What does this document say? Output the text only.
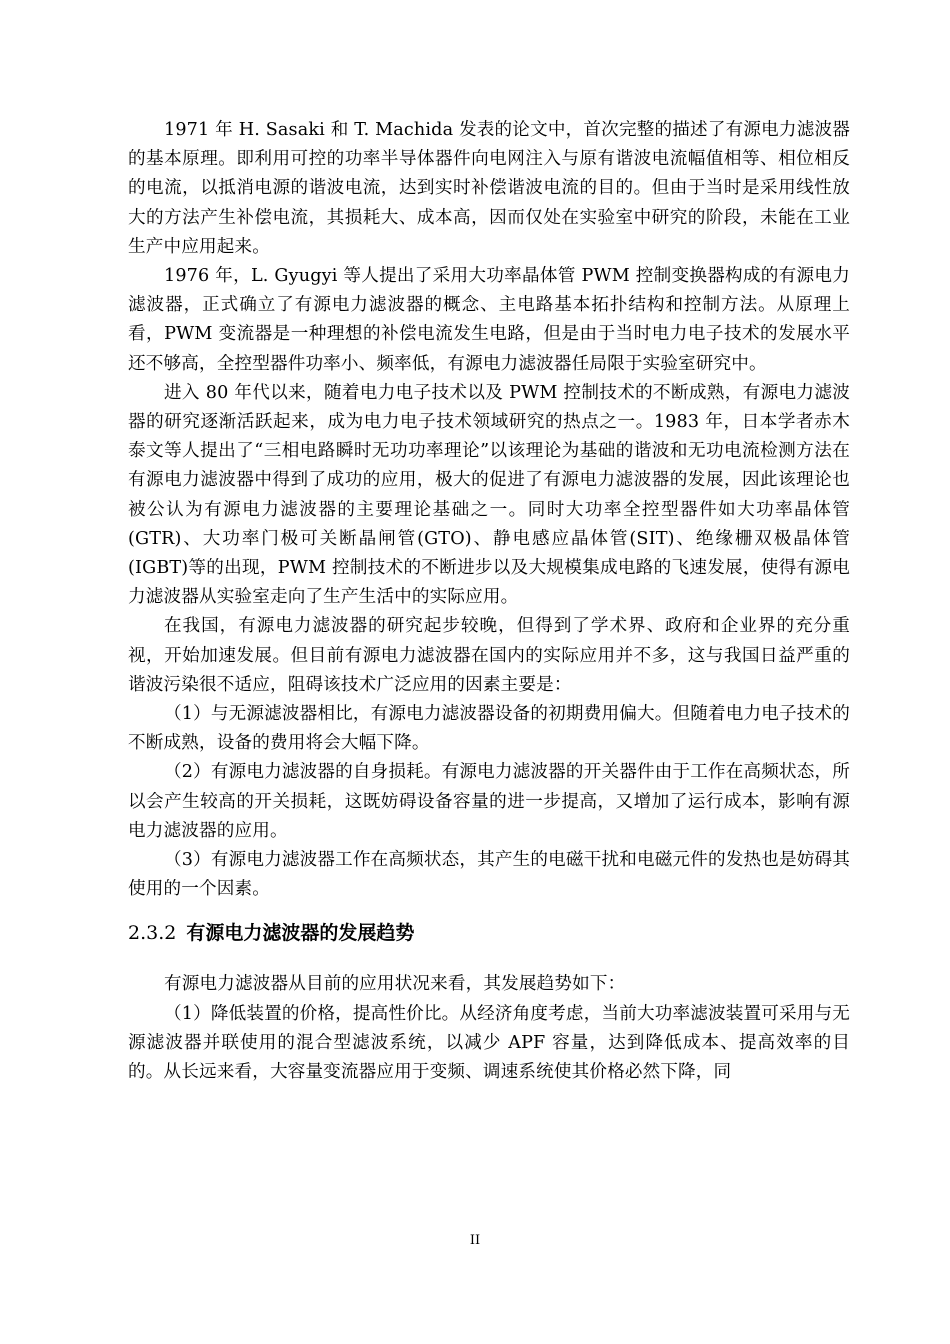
1971 年 H. Sasaki 和 T. Machida 发表的论文中，首次完整的描述了有源电力滤波器的基本原理。即利用可控的功率半导体器件向电网注入与原有谐波电流幅值相等、相位相反的电流，以抵消电源的谐波电流，达到实时补偿谐波电流的目的。但由于当时是采用线性放大的方法产生补偿电流，其损耗大、成本高，因而仅处在实验室中研究的阶段，未能在工业生产中应用起来。

1976 年，L. Gyugyi 等人提出了采用大功率晶体管 PWM 控制变换器构成的有源电力滤波器，正式确立了有源电力滤波器的概念、主电路基本拓扑结构和控制方法。从原理上看，PWM 变流器是一种理想的补偿电流发生电路，但是由于当时电力电子技术的发展水平还不够高，全控型器件功率小、频率低，有源电力滤波器任局限于实验室研究中。

进入 80 年代以来，随着电力电子技术以及 PWM 控制技术的不断成熟，有源电力滤波器的研究逐渐活跃起来，成为电力电子技术领域研究的热点之一。1983 年，日本学者赤木泰文等人提出了“三相电路瞬时无功功率理论”以该理论为基础的谐波和无功电流检测方法在有源电力滤波器中得到了成功的应用，极大的促进了有源电力滤波器的发展，因此该理论也被公认为有源电力滤波器的主要理论基础之一。同时大功率全控型器件如大功率晶体管(GTR)、大功率门极可关断晶闸管(GTO)、静电感应晶体管(SIT)、绝缘栅双极晶体管(IGBT)等的出现，PWM 控制技术的不断进步以及大规模集成电路的飞速发展，使得有源电力滤波器从实验室走向了生产生活中的实际应用。

在我国，有源电力滤波器的研究起步较晚，但得到了学术界、政府和企业界的充分重视，开始加速发展。但目前有源电力滤波器在国内的实际应用并不多，这与我国日益严重的谐波污染很不适应，阻碍该技术广泛应用的因素主要是：

（1）与无源滤波器相比，有源电力滤波器设备的初期费用偏大。但随着电力电子技术的不断成熟，设备的费用将会大幅下降。

（2）有源电力滤波器的自身损耗。有源电力滤波器的开关器件由于工作在高频状态，所以会产生较高的开关损耗，这既妨碍设备容量的进一步提高，又增加了运行成本，影响有源电力滤波器的应用。

（3）有源电力滤波器工作在高频状态，其产生的电磁干扰和电磁元件的发热也是妨碍其使用的一个因素。

2.3.2 有源电力滤波器的发展趋势

有源电力滤波器从目前的应用状况来看，其发展趋势如下：

（1）降低装置的价格，提高性价比。从经济角度考虑，当前大功率滤波装置可采用与无源滤波器并联使用的混合型滤波系统，以减少 APF 容量，达到降低成本、提高效率的目的。从长远来看，大容量变流器应用于变频、调速系统使其价格必然下降，同

II
